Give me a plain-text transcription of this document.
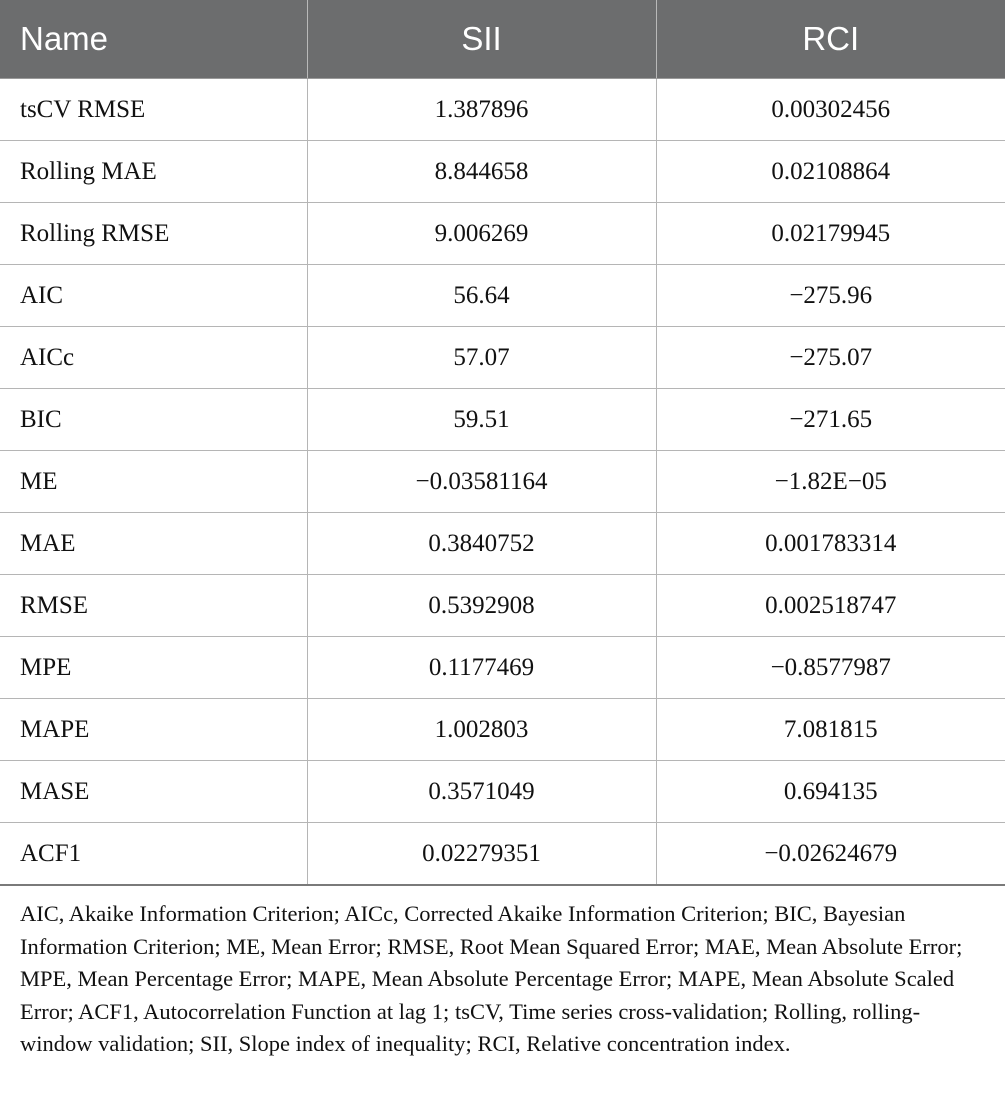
Name	SII	RCI
tsCV RMSE	1.387896	0.00302456
Rolling MAE	8.844658	0.02108864
Rolling RMSE	9.006269	0.02179945
AIC	56.64	−275.96
AICc	57.07	−275.07
BIC	59.51	−271.65
ME	−0.03581164	−1.82E−05
MAE	0.3840752	0.001783314
RMSE	0.5392908	0.002518747
MPE	0.1177469	−0.8577987
MAPE	1.002803	7.081815
MASE	0.3571049	0.694135
ACF1	0.02279351	−0.02624679

AIC, Akaike Information Criterion; AICc, Corrected Akaike Information Criterion; BIC, Bayesian Information Criterion; ME, Mean Error; RMSE, Root Mean Squared Error; MAE, Mean Absolute Error; MPE, Mean Percentage Error; MAPE, Mean Absolute Percentage Error; MAPE, Mean Absolute Scaled Error; ACF1, Autocorrelation Function at lag 1; tsCV, Time series cross-validation; Rolling, rolling-window validation; SII, Slope index of inequality; RCI, Relative concentration index.
